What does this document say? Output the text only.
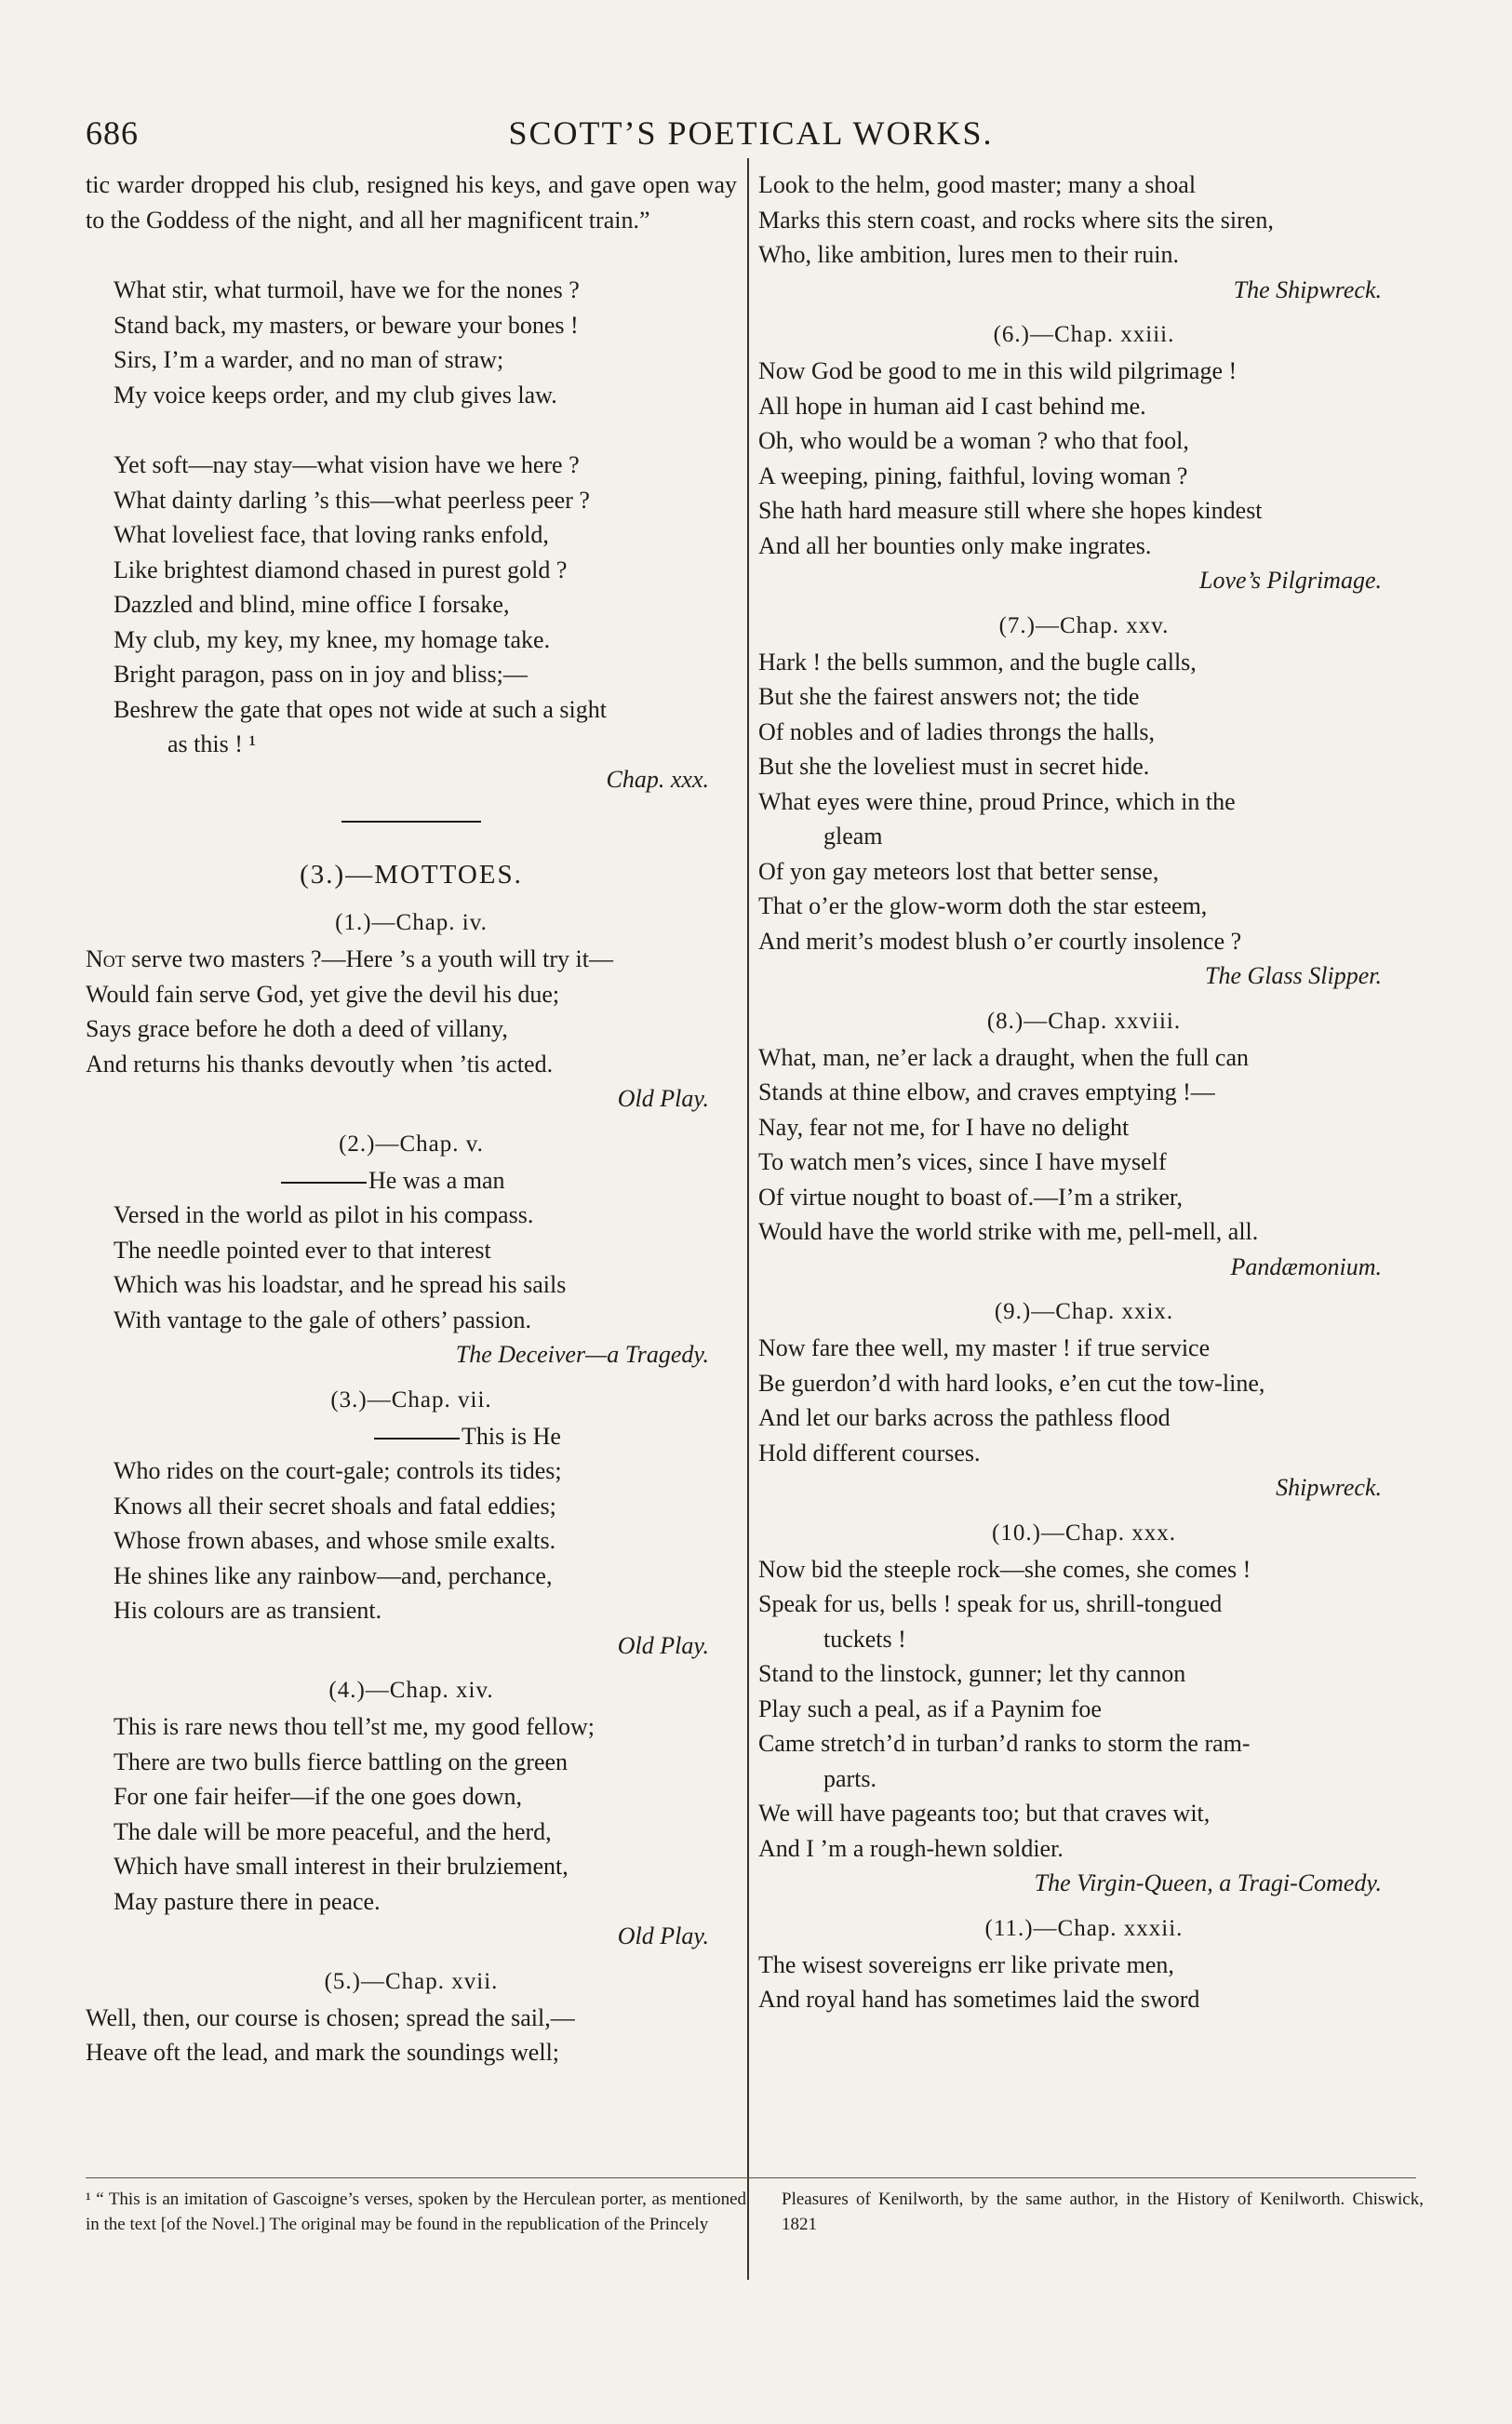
686	SCOTT’S POETICAL WORKS.
tic warder dropped his club, resigned his keys, and gave open way to the Goddess of the night, and all her magnificent train.”
What stir, what turmoil, have we for the nones ?
Stand back, my masters, or beware your bones !
Sirs, I’m a warder, and no man of straw;
My voice keeps order, and my club gives law.
Yet soft—nay stay—what vision have we here ?
What dainty darling ’s this—what peerless peer ?
What loveliest face, that loving ranks enfold,
Like brightest diamond chased in purest gold ?
Dazzled and blind, mine office I forsake,
My club, my key, my knee, my homage take.
Bright paragon, pass on in joy and bliss;—
Beshrew the gate that opes not wide at such a sight
as this ! ¹
Chap. xxx.
(3.)—MOTTOES.
(1.)—Chap. iv.
Not serve two masters ?—Here ’s a youth will try it—
Would fain serve God, yet give the devil his due;
Says grace before he doth a deed of villany,
And returns his thanks devoutly when ’tis acted.
Old Play.
(2.)—Chap. v.
He was a man
Versed in the world as pilot in his compass.
The needle pointed ever to that interest
Which was his loadstar, and he spread his sails
With vantage to the gale of others’ passion.
The Deceiver—a Tragedy.
(3.)—Chap. vii.
This is He
Who rides on the court-gale; controls its tides;
Knows all their secret shoals and fatal eddies;
Whose frown abases, and whose smile exalts.
He shines like any rainbow—and, perchance,
His colours are as transient.
Old Play.
(4.)—Chap. xiv.
This is rare news thou tell’st me, my good fellow;
There are two bulls fierce battling on the green
For one fair heifer—if the one goes down,
The dale will be more peaceful, and the herd,
Which have small interest in their brulziement,
May pasture there in peace.
Old Play.
(5.)—Chap. xvii.
Well, then, our course is chosen; spread the sail,—
Heave oft the lead, and mark the soundings well;
Look to the helm, good master; many a shoal
Marks this stern coast, and rocks where sits the siren,
Who, like ambition, lures men to their ruin.
The Shipwreck.
(6.)—Chap. xxiii.
Now God be good to me in this wild pilgrimage !
All hope in human aid I cast behind me.
Oh, who would be a woman ? who that fool,
A weeping, pining, faithful, loving woman ?
She hath hard measure still where she hopes kindest
And all her bounties only make ingrates.
Love’s Pilgrimage.
(7.)—Chap. xxv.
Hark ! the bells summon, and the bugle calls,
But she the fairest answers not; the tide
Of nobles and of ladies throngs the halls,
But she the loveliest must in secret hide.
What eyes were thine, proud Prince, which in the
gleam
Of yon gay meteors lost that better sense,
That o’er the glow-worm doth the star esteem,
And merit’s modest blush o’er courtly insolence ?
The Glass Slipper.
(8.)—Chap. xxviii.
What, man, ne’er lack a draught, when the full can
Stands at thine elbow, and craves emptying !—
Nay, fear not me, for I have no delight
To watch men’s vices, since I have myself
Of virtue nought to boast of.—I’m a striker,
Would have the world strike with me, pell-mell, all.
Pandæmonium.
(9.)—Chap. xxix.
Now fare thee well, my master ! if true service
Be guerdon’d with hard looks, e’en cut the tow-line,
And let our barks across the pathless flood
Hold different courses.
Shipwreck.
(10.)—Chap. xxx.
Now bid the steeple rock—she comes, she comes !
Speak for us, bells ! speak for us, shrill-tongued
tuckets !
Stand to the linstock, gunner; let thy cannon
Play such a peal, as if a Paynim foe
Came stretch’d in turban’d ranks to storm the ram-
parts.
We will have pageants too; but that craves wit,
And I ’m a rough-hewn soldier.
The Virgin-Queen, a Tragi-Comedy.
(11.)—Chap. xxxii.
The wisest sovereigns err like private men,
And royal hand has sometimes laid the sword
¹ “ This is an imitation of Gascoigne’s verses, spoken by the Herculean porter, as mentioned in the text [of the Novel.] The original may be found in the republication of the Princely
Pleasures of Kenilworth, by the same author, in the History of Kenilworth. Chiswick, 1821
